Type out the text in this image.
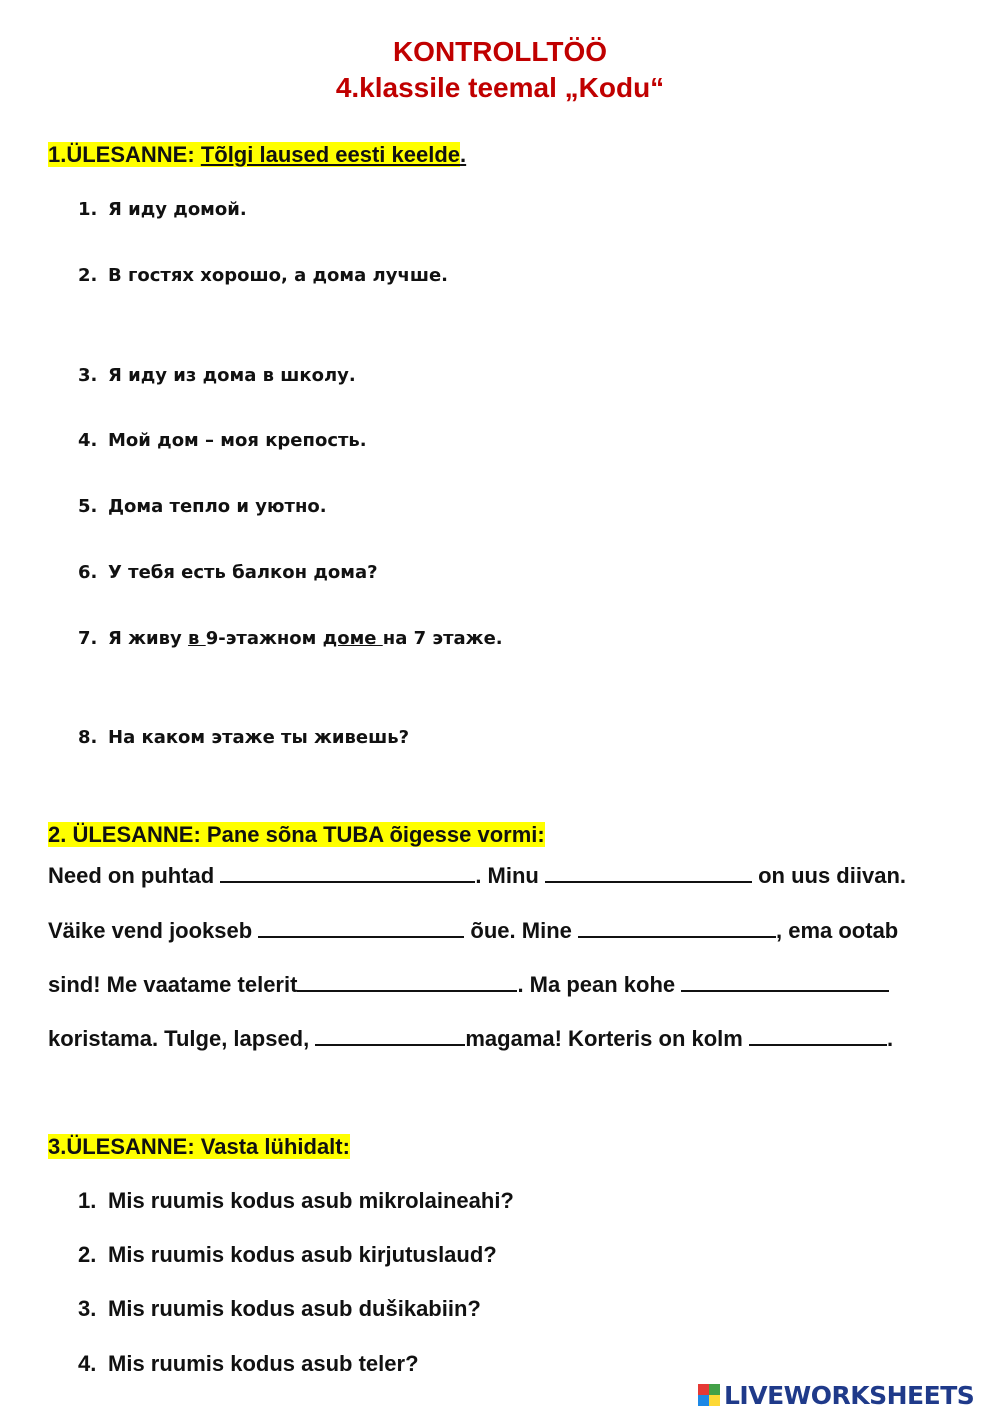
KONTROLLTÖÖ
4.klassile teemal „Kodu“
1.ÜLESANNE: Tõlgi laused eesti keelde.
1. Я иду домой.
2. В гостях хорошо, а дома лучше.
3. Я иду из дома в школу.
4. Мой дом – моя крепость.
5. Дома тепло и уютно.
6. У тебя есть балкон дома?
7. Я живу в 9-этажном доме на 7 этаже.
8. На каком этаже ты живешь?
2. ÜLESANNE: Pane sõna TUBA õigesse vormi:
Need on puhtad	. Minu	on uus diivan.
Väike vend jookseb	õue. Mine	, ema ootab
sind! Me vaatame telerit	. Ma pean kohe
koristama. Tulge, lapsed,	magama! Korteris on kolm	.
3.ÜLESANNE: Vasta lühidalt:
1. Mis ruumis kodus asub mikrolaineahi?
2. Mis ruumis kodus asub kirjutuslaud?
3. Mis ruumis kodus asub dušikabiin?
4. Mis ruumis kodus asub teler?
LIVEWORKSHEETS
